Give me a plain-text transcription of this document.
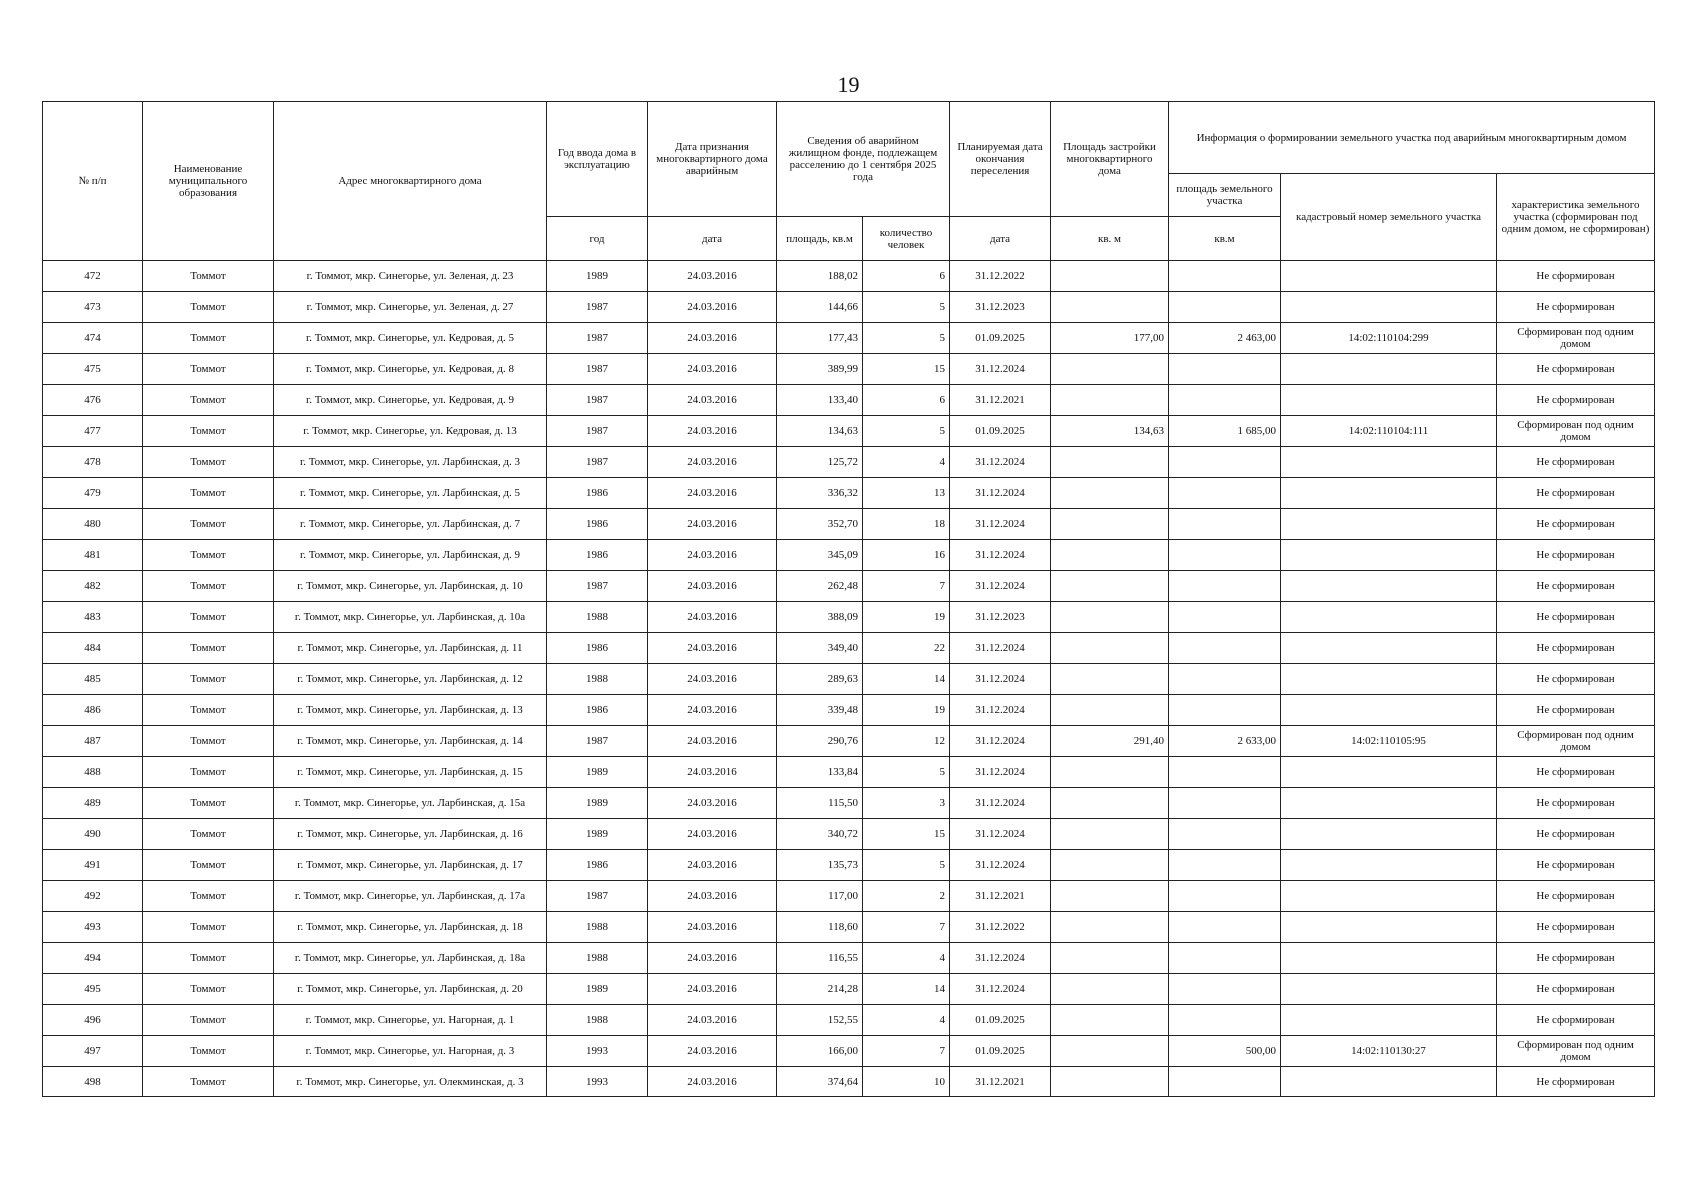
19
№ п/п	Наименование муниципального образования	Адрес многоквартирного дома	Год ввода дома в эксплуатацию	Дата признания многоквартирного дома аварийным	Сведения об аварийном жилищном фонде, подлежащем расселению до 1 сентября 2025 года		Планируемая дата окончания переселения	Площадь застройки многоквартирного дома	Информация о формировании земельного участка под аварийным многоквартирным домом		
									площадь земельного участка	кадастровый номер земельного участка	характеристика земельного участка (сформирован под одним домом, не сформирован)
			год	дата	площадь, кв.м	количество человек	дата	кв. м	кв.м		
472	Томмот	г. Томмот, мкр. Синегорье, ул. Зеленая, д. 23	1989	24.03.2016	188,02	6	31.12.2022				Не сформирован
473	Томмот	г. Томмот, мкр. Синегорье, ул. Зеленая, д. 27	1987	24.03.2016	144,66	5	31.12.2023				Не сформирован
474	Томмот	г. Томмот, мкр. Синегорье, ул. Кедровая, д. 5	1987	24.03.2016	177,43	5	01.09.2025	177,00	2 463,00	14:02:110104:299	Сформирован под одним домом
475	Томмот	г. Томмот, мкр. Синегорье, ул. Кедровая, д. 8	1987	24.03.2016	389,99	15	31.12.2024				Не сформирован
476	Томмот	г. Томмот, мкр. Синегорье, ул. Кедровая, д. 9	1987	24.03.2016	133,40	6	31.12.2021				Не сформирован
477	Томмот	г. Томмот, мкр. Синегорье, ул. Кедровая, д. 13	1987	24.03.2016	134,63	5	01.09.2025	134,63	1 685,00	14:02:110104:111	Сформирован под одним домом
478	Томмот	г. Томмот, мкр. Синегорье, ул. Ларбинская, д. 3	1987	24.03.2016	125,72	4	31.12.2024				Не сформирован
479	Томмот	г. Томмот, мкр. Синегорье, ул. Ларбинская, д. 5	1986	24.03.2016	336,32	13	31.12.2024				Не сформирован
480	Томмот	г. Томмот, мкр. Синегорье, ул. Ларбинская, д. 7	1986	24.03.2016	352,70	18	31.12.2024				Не сформирован
481	Томмот	г. Томмот, мкр. Синегорье, ул. Ларбинская, д. 9	1986	24.03.2016	345,09	16	31.12.2024				Не сформирован
482	Томмот	г. Томмот, мкр. Синегорье, ул. Ларбинская, д. 10	1987	24.03.2016	262,48	7	31.12.2024				Не сформирован
483	Томмот	г. Томмот, мкр. Синегорье, ул. Ларбинская, д. 10а	1988	24.03.2016	388,09	19	31.12.2023				Не сформирован
484	Томмот	г. Томмот, мкр. Синегорье, ул. Ларбинская, д. 11	1986	24.03.2016	349,40	22	31.12.2024				Не сформирован
485	Томмот	г. Томмот, мкр. Синегорье, ул. Ларбинская, д. 12	1988	24.03.2016	289,63	14	31.12.2024				Не сформирован
486	Томмот	г. Томмот, мкр. Синегорье, ул. Ларбинская, д. 13	1986	24.03.2016	339,48	19	31.12.2024				Не сформирован
487	Томмот	г. Томмот, мкр. Синегорье, ул. Ларбинская, д. 14	1987	24.03.2016	290,76	12	31.12.2024	291,40	2 633,00	14:02:110105:95	Сформирован под одним домом
488	Томмот	г. Томмот, мкр. Синегорье, ул. Ларбинская, д. 15	1989	24.03.2016	133,84	5	31.12.2024				Не сформирован
489	Томмот	г. Томмот, мкр. Синегорье, ул. Ларбинская, д. 15а	1989	24.03.2016	115,50	3	31.12.2024				Не сформирован
490	Томмот	г. Томмот, мкр. Синегорье, ул. Ларбинская, д. 16	1989	24.03.2016	340,72	15	31.12.2024				Не сформирован
491	Томмот	г. Томмот, мкр. Синегорье, ул. Ларбинская, д. 17	1986	24.03.2016	135,73	5	31.12.2024				Не сформирован
492	Томмот	г. Томмот, мкр. Синегорье, ул. Ларбинская, д. 17а	1987	24.03.2016	117,00	2	31.12.2021				Не сформирован
493	Томмот	г. Томмот, мкр. Синегорье, ул. Ларбинская, д. 18	1988	24.03.2016	118,60	7	31.12.2022				Не сформирован
494	Томмот	г. Томмот, мкр. Синегорье, ул. Ларбинская, д. 18а	1988	24.03.2016	116,55	4	31.12.2024				Не сформирован
495	Томмот	г. Томмот, мкр. Синегорье, ул. Ларбинская, д. 20	1989	24.03.2016	214,28	14	31.12.2024				Не сформирован
496	Томмот	г. Томмот, мкр. Синегорье, ул. Нагорная, д. 1	1988	24.03.2016	152,55	4	01.09.2025				Не сформирован
497	Томмот	г. Томмот, мкр. Синегорье, ул. Нагорная, д. 3	1993	24.03.2016	166,00	7	01.09.2025		500,00	14:02:110130:27	Сформирован под одним домом
498	Томмот	г. Томмот, мкр. Синегорье, ул. Олекминская, д. 3	1993	24.03.2016	374,64	10	31.12.2021				Не сформирован
